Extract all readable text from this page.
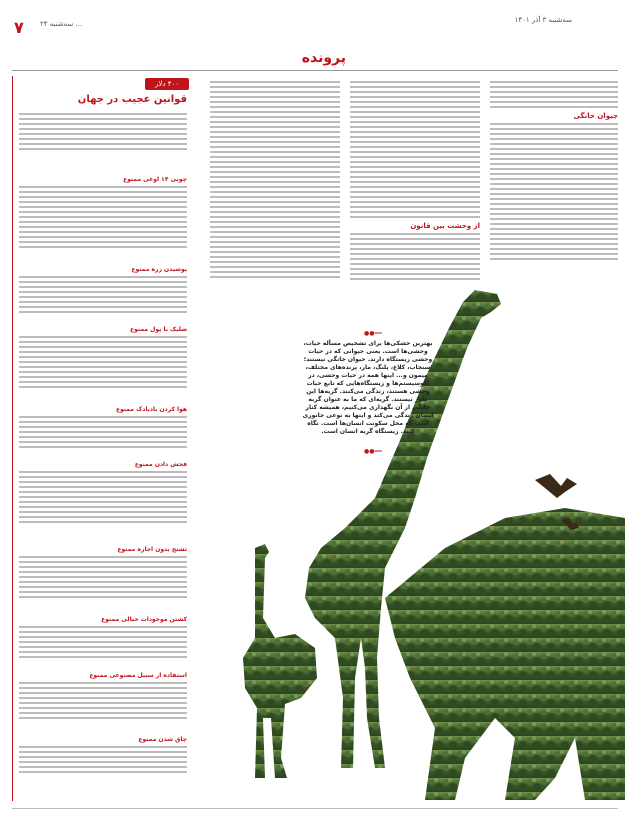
۷ سه‌شنبه ۲۴ ...
پرونده
سه‌شنبه ۳ آذر ۱۴۰۱
از وحشت بین قانون
جیوان خانگی
●●━━
بهترین خشکی‌ها برای تشخیص مسأله حیات، وحشی‌ها است. یعنی حیوانی که در حیات وحشی زیستگاه دارند. حیوان خانگی نیستند؛ سنجاب، کلاغ، پلنگ، مار، پرنده‌های مختلف، میمون و... اینها همه در حیات وحشی، در اکوسیستم‌ها و زیستگاه‌هایی که تابع حیات وحشی هستند، زندگی می‌کنند. گربه‌ها این طور نیستند. گربه‌ای که ما به عنوان گربه خانگی از آن نگهداری می‌کنیم، همیشه کنار انسان زندگی می‌کند و اینها به نوعی جانوری است که محل سکونت انسان‌ها است. نگاه کنید. زیستگاه گربه انسان است.
●●━━
۴۰۰ دلار
قوانین عجیب در جهان
چوبی ۱۴ اوغی ممنوع
پوشیدن زره ممنوع
شلیک با پول ممنوع
هوا کردن بادبادک ممنوع
فحش دادن ممنوع
تشنج بدون اجازه ممنوع
کشتن موجودات خیالی ممنوع
استفاده از سبیل مصنوعی ممنوع
چاق شدن ممنوع
